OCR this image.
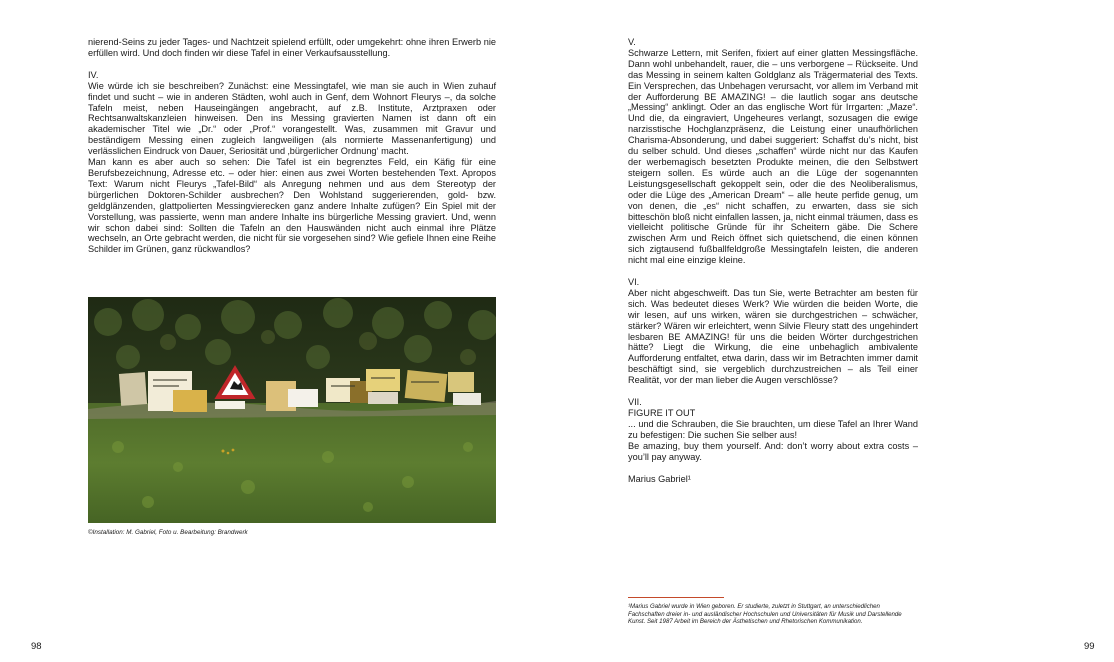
nierend-Seins zu jeder Tages- und Nachtzeit spielend erfüllt, oder umgekehrt: ohne ihren Erwerb nie erfüllen wird. Und doch finden wir diese Tafel in einer Verkaufsausstellung.

IV.

Wie würde ich sie beschreiben? Zunächst: eine Messingtafel, wie man sie auch in Wien zuhauf findet und sucht – wie in anderen Städten, wohl auch in Genf, dem Wohnort Fleurys –, da solche Tafeln meist, neben Hauseingängen angebracht, auf z.B. Institute, Arztpraxen oder Rechtsanwaltskanzleien hinweisen. Den ins Messing gravierten Namen ist dann oft ein akademischer Titel wie „Dr.“ oder „Prof.“ vorangestellt. Was, zusammen mit Gravur und beständigem Messing einen zugleich langweiligen (als normierte Massenanfertigung) und verlässlichen Eindruck von Dauer, Seriosität und ‚bürgerlicher Ordnung‘ macht.

Man kann es aber auch so sehen: Die Tafel ist ein begrenztes Feld, ein Käfig für eine Berufsbezeichnung, Adresse etc. – oder hier: einen aus zwei Worten bestehenden Text. Apropos Text: Warum nicht Fleurys „Tafel-Bild“ als Anregung nehmen und aus dem Stereotyp der bürgerlichen Doktoren-Schilder ausbrechen? Den Wohlstand suggerierenden, gold- bzw. geldglänzenden, glattpolierten Messingvierecken ganz andere Inhalte zufügen? Ein Spiel mit der Vorstellung, was passierte, wenn man andere Inhalte ins bürgerliche Messing graviert. Und, wenn wir schon dabei sind: Sollten die Tafeln an den Hauswänden nicht auch einmal ihre Plätze wechseln, an Orte gebracht werden, die nicht für sie vorgesehen sind? Wie gefiele Ihnen eine Reihe Schilder im Grünen, ganz rückwandlos?

©Installation: M. Gabriel, Foto u. Bearbeitung: Brandwerk
98

V.

Schwarze Lettern, mit Serifen, fixiert auf einer glatten Messingsfläche. Dann wohl unbehandelt, rauer, die – uns verborgene – Rückseite. Und das Messing in seinem kalten Goldglanz als Trägermaterial des Texts. Ein Versprechen, das Unbehagen verursacht, vor allem im Verband mit der Aufforderung BE AMAZING! – die lautlich sogar ans deutsche „Messing“ anklingt. Oder an das englische Wort für Irrgarten: „Maze“. Und die, da eingraviert, Ungeheures verlangt, sozusagen die ewige narzisstische Hochglanzpräsenz, die Leistung einer unaufhörlichen Charisma-Absonderung, und dabei suggeriert: Schaffst du’s nicht, bist du selber schuld. Und dieses „schaffen“ würde nicht nur das Kaufen der werbemagisch besetzten Produkte meinen, die den Selbstwert steigern sollen. Es würde auch an die Lüge der sogenannten Leistungsgesellschaft gekoppelt sein, oder die des Neoliberalismus, oder die Lüge des „American Dream“ – alle heute perfide genug, um von denen, die „es“ nicht schaffen, zu erwarten, dass sie sich bitteschön bloß nicht einfallen lassen, ja, nicht einmal träumen, dass es vielleicht politische Gründe für ihr Scheitern gäbe. Die Schere zwischen Arm und Reich öffnet sich quietschend, die einen können sich zigtausend fußballfeldgroße Messingtafeln leisten, die anderen nicht mal eine einzige kleine.

VI.

Aber nicht abgeschweift. Das tun Sie, werte Betrachter am besten für sich. Was bedeutet dieses Werk? Wie würden die beiden Worte, die wir lesen, auf uns wirken, wären sie durchgestrichen – schwächer, stärker? Wären wir erleichtert, wenn Silvie Fleury statt des ungehindert lesbaren BE AMAZING! für uns die beiden Wörter durchgestrichen hätte? Liegt die Wirkung, die eine unbehaglich ambivalente Aufforderung entfaltet, etwa darin, dass wir im Betrachten immer damit beschäftigt sind, sie vergeblich durchzustreichen – als Teil einer Realität, vor der man lieber die Augen verschlösse?

VII.

FIGURE IT OUT

... und die Schrauben, die Sie brauchten, um diese Tafel an Ihrer Wand zu befestigen: Die suchen Sie selber aus!

Be amazing, buy them yourself. And: don’t worry about extra costs – you’ll pay anyway.

Marius Gabriel¹

¹Marius Gabriel wurde in Wien geboren. Er studierte, zuletzt in Stuttgart, an unterschiedlichen Fachschaften dreier in- und ausländischer Hochschulen und Universitäten für Musik und Darstellende Kunst. Seit 1987 Arbeit im Bereich der Ästhetischen und Rhetorischen Kommunikation.
99
